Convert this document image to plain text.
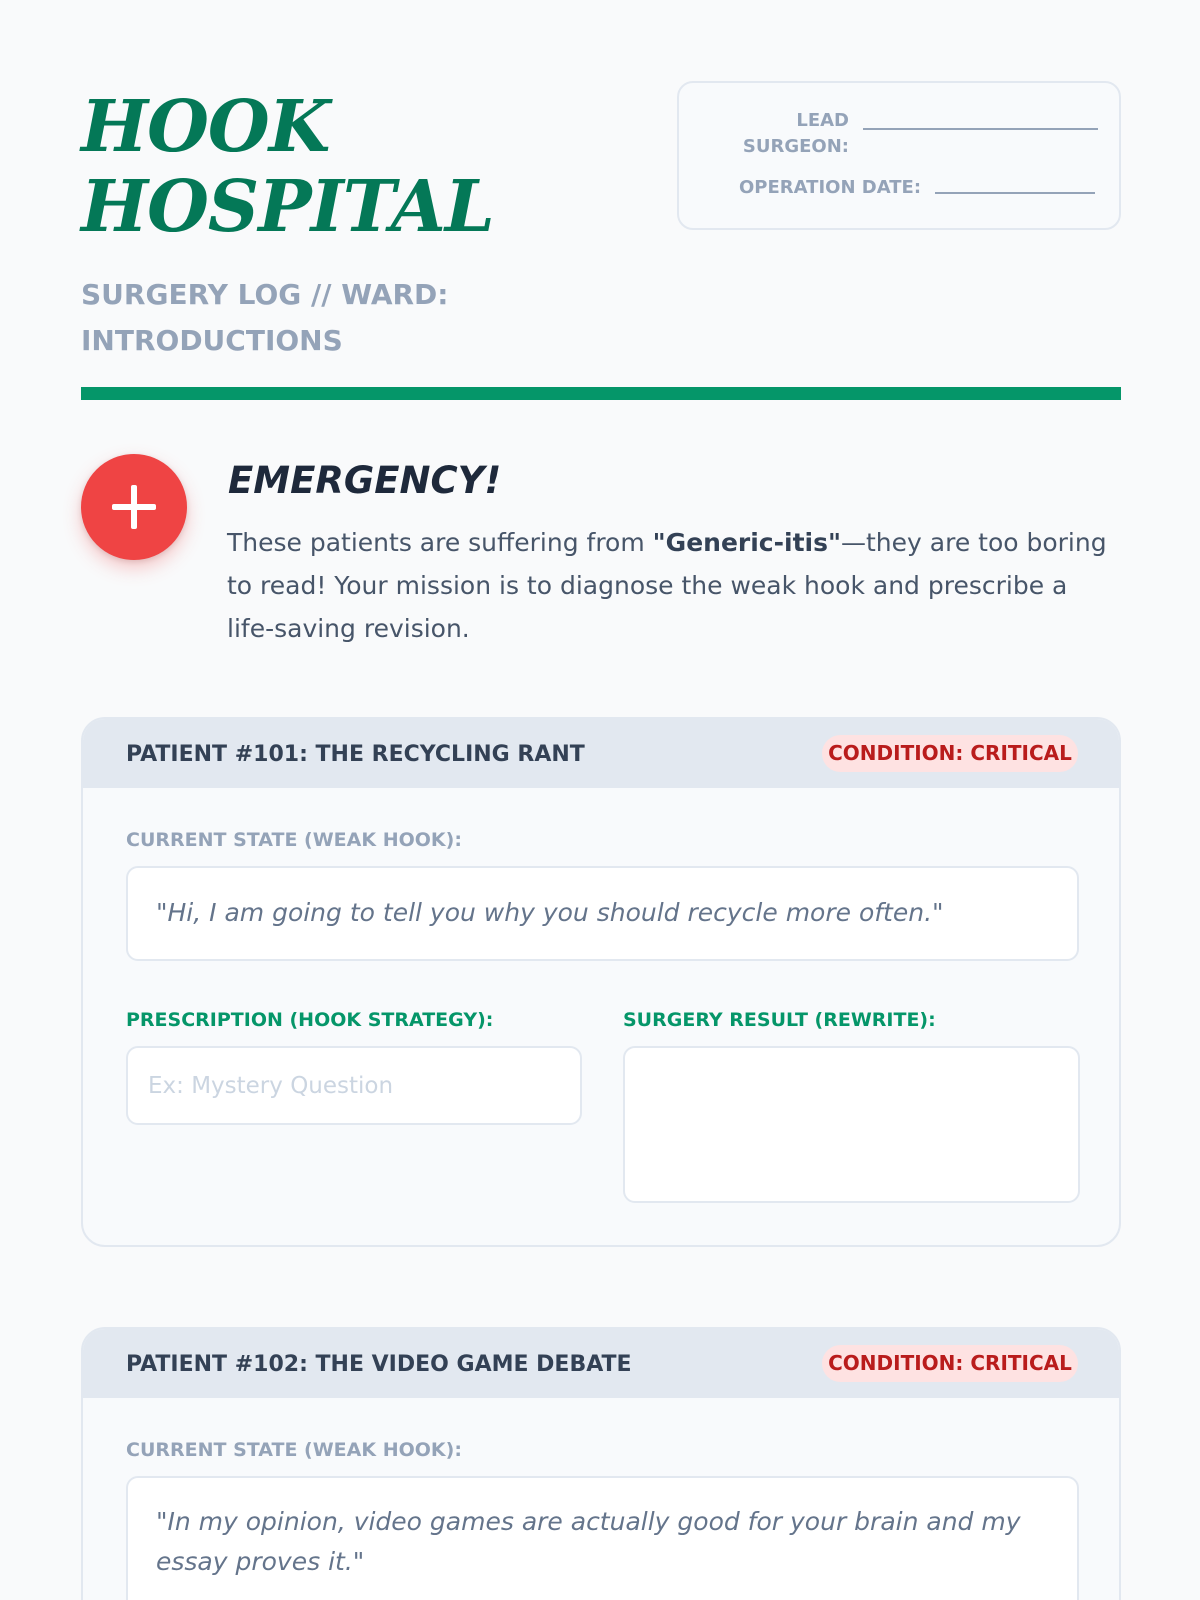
HOOK
HOSPITAL
SURGERY LOG // WARD: INTRODUCTIONS
LEAD SURGEON:
OPERATION DATE:
EMERGENCY!
These patients are suffering from "Generic-itis"—they are too boring to read! Your mission is to diagnose the weak hook and prescribe a life-saving revision.
PATIENT #101: THE RECYCLING RANT	CONDITION: CRITICAL
CURRENT STATE (WEAK HOOK):
"Hi, I am going to tell you why you should recycle more often."
PRESCRIPTION (HOOK STRATEGY):
Ex: Mystery Question	SURGERY RESULT (REWRITE):
PATIENT #102: THE VIDEO GAME DEBATE	CONDITION: CRITICAL
CURRENT STATE (WEAK HOOK):
"In my opinion, video games are actually good for your brain and my essay proves it."
